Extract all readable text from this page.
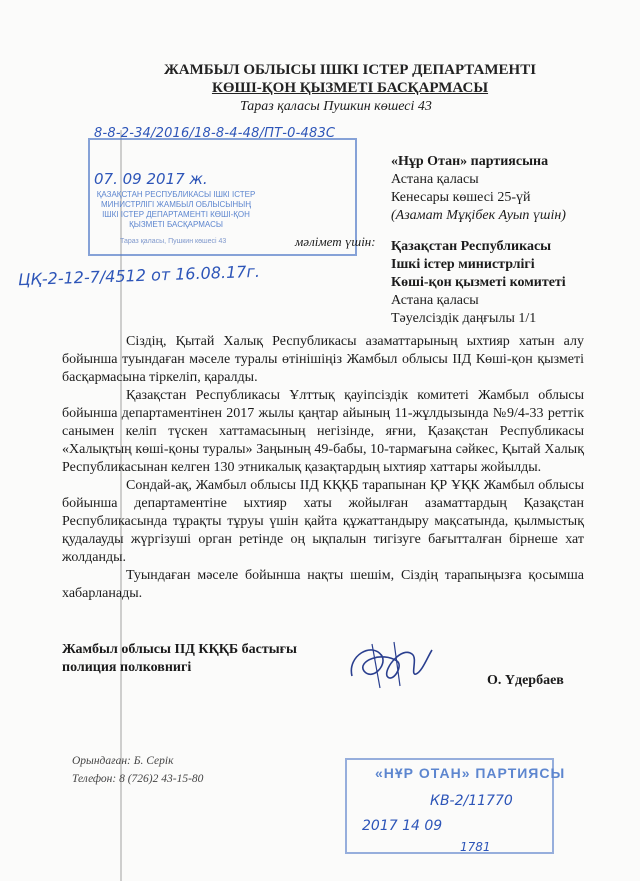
ЖАМБЫЛ ОБЛЫСЫ ІШКІ ІСТЕР ДЕПАРТАМЕНТІ
КӨШІ-ҚОН ҚЫЗМЕТІ БАСҚАРМАСЫ
Тараз қаласы Пушкин көшесі 43
8-8-2-34/2016/18-8-4-48/ПТ-0-483С
07. 09 2017 ж.
ҚАЗАҚСТАН РЕСПУБЛИКАСЫ ІШКІ ІСТЕР
МИНИСТРЛІГІ ЖАМБЫЛ ОБЛЫСЫНЫҢ
ІШКІ ІСТЕР ДЕПАРТАМЕНТІ КӨШІ-ҚОН
ҚЫЗМЕТІ БАСҚАРМАСЫ
Тараз қаласы, Пушкин көшесі 43
ЦҚ-2-12-7/4512 от 16.08.17г.
«Нұр Отан» партиясына
Астана қаласы
Кенесары көшесі 25-үй
(Азамат Мұқібек Ауып үшін)
мәлімет үшін: Қазақстан Республикасы
Ішкі істер министрлігі
Көші-қон қызметі комитеті
Астана қаласы
Тәуелсіздік даңғылы 1/1

Сіздің, Қытай Халық Республикасы азаматтарының ыхтияр хатын алу бойынша туындаған мәселе туралы өтінішіңіз Жамбыл облысы ІІД Көші-қон қызметі басқармасына тіркеліп, қаралды.

Қазақстан Республикасы Ұлттық қауіпсіздік комитеті Жамбыл облысы бойынша департаментінен 2017 жылы қаңтар айының 11-жұлдызында №9/4-33 реттік санымен келіп түскен хаттамасының негізінде, яғни, Қазақстан Республикасы «Халықтың көші-қоны туралы» Заңының 49-бабы, 10-тармағына сәйкес, Қытай Халық Республикасынан келген 130 этникалық қазақтардың ыхтияр хаттары жойылды.

Сондай-ақ, Жамбыл облысы ІІД КҚҚБ тарапынан ҚР ҰҚК Жамбыл облысы бойынша департаментіне ыхтияр хаты жойылған азаматтардың Қазақстан Республикасында тұрақты тұруы үшін қайта құжаттандыру мақсатында, қылмыстық қудалауды жүргізуші орган ретінде оң ықпалын тигізуге бағытталған бірнеше хат жолданды.

Туындаған мәселе бойынша нақты шешім, Сіздің тарапыңызға қосымша хабарланады.

Жамбыл облысы ІІД КҚҚБ бастығы
полиция полковнигі
О. Үдербаев
Орындаған: Б. Серік
Телефон: 8 (726)2 43-15-80	«НҰР ОТАН» ПАРТИЯСЫ
КВ-2/11770
2017 14 09
1781
